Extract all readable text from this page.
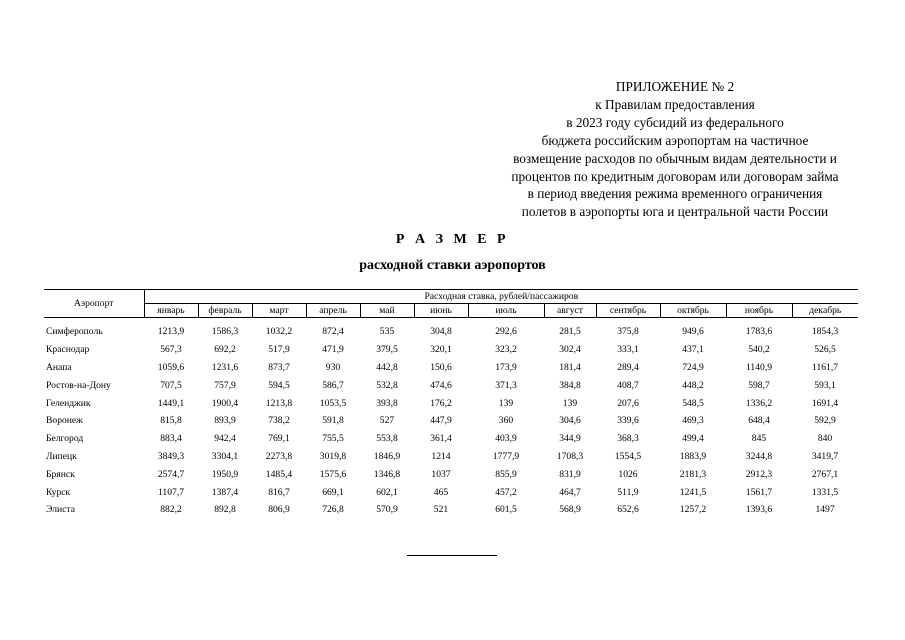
ПРИЛОЖЕНИЕ № 2
к Правилам предоставления
в 2023 году субсидий из федерального
бюджета российским аэропортам на частичное
возмещение расходов по обычным видам деятельности и
процентов по кредитным договорам или договорам займа
в период введения режима временного ограничения
полетов в аэропорты юга и центральной части России
Р А З М Е Р
расходной ставки аэропортов
Аэропорт	Расходная ставка, рублей/пассажиров											
	январь	февраль	март	апрель	май	июнь	июль	август	сентябрь	октябрь	ноябрь	декабрь
Симферополь	1213,9	1586,3	1032,2	872,4	535	304,8	292,6	281,5	375,8	949,6	1783,6	1854,3
Краснодар	567,3	692,2	517,9	471,9	379,5	320,1	323,2	302,4	333,1	437,1	540,2	526,5
Анапа	1059,6	1231,6	873,7	930	442,8	150,6	173,9	181,4	289,4	724,9	1140,9	1161,7
Ростов-на-Дону	707,5	757,9	594,5	586,7	532,8	474,6	371,3	384,8	408,7	448,2	598,7	593,1
Геленджик	1449,1	1900,4	1213,8	1053,5	393,8	176,2	139	139	207,6	548,5	1336,2	1691,4
Воронеж	815,8	893,9	738,2	591,8	527	447,9	360	304,6	339,6	469,3	648,4	592,9
Белгород	883,4	942,4	769,1	755,5	553,8	361,4	403,9	344,9	368,3	499,4	845	840
Липецк	3849,3	3304,1	2273,8	3019,8	1846,9	1214	1777,9	1708,3	1554,5	1883,9	3244,8	3419,7
Брянск	2574,7	1950,9	1485,4	1575,6	1346,8	1037	855,9	831,9	1026	2181,3	2912,3	2767,1
Курск	1107,7	1387,4	816,7	669,1	602,1	465	457,2	464,7	511,9	1241,5	1561,7	1331,5
Элиста	882,2	892,8	806,9	726,8	570,9	521	601,5	568,9	652,6	1257,2	1393,6	1497
